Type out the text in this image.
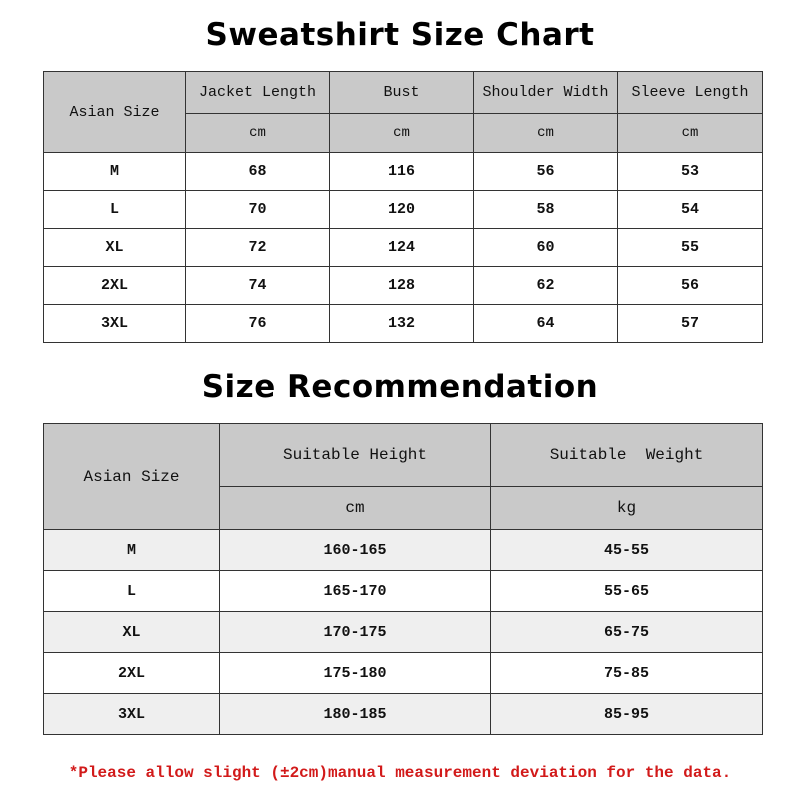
Sweatshirt Size Chart
Asian Size	Jacket Length	Bust	Shoulder Width	Sleeve Length
	cm	cm	cm	cm
M	68	116	56	53
L	70	120	58	54
XL	72	124	60	55
2XL	74	128	62	56
3XL	76	132	64	57
Size Recommendation
Asian Size	Suitable Height	Suitable  Weight
	cm	kg
M	160-165	45-55
L	165-170	55-65
XL	170-175	65-75
2XL	175-180	75-85
3XL	180-185	85-95
*Please allow slight (±2cm)manual measurement deviation for the data.
